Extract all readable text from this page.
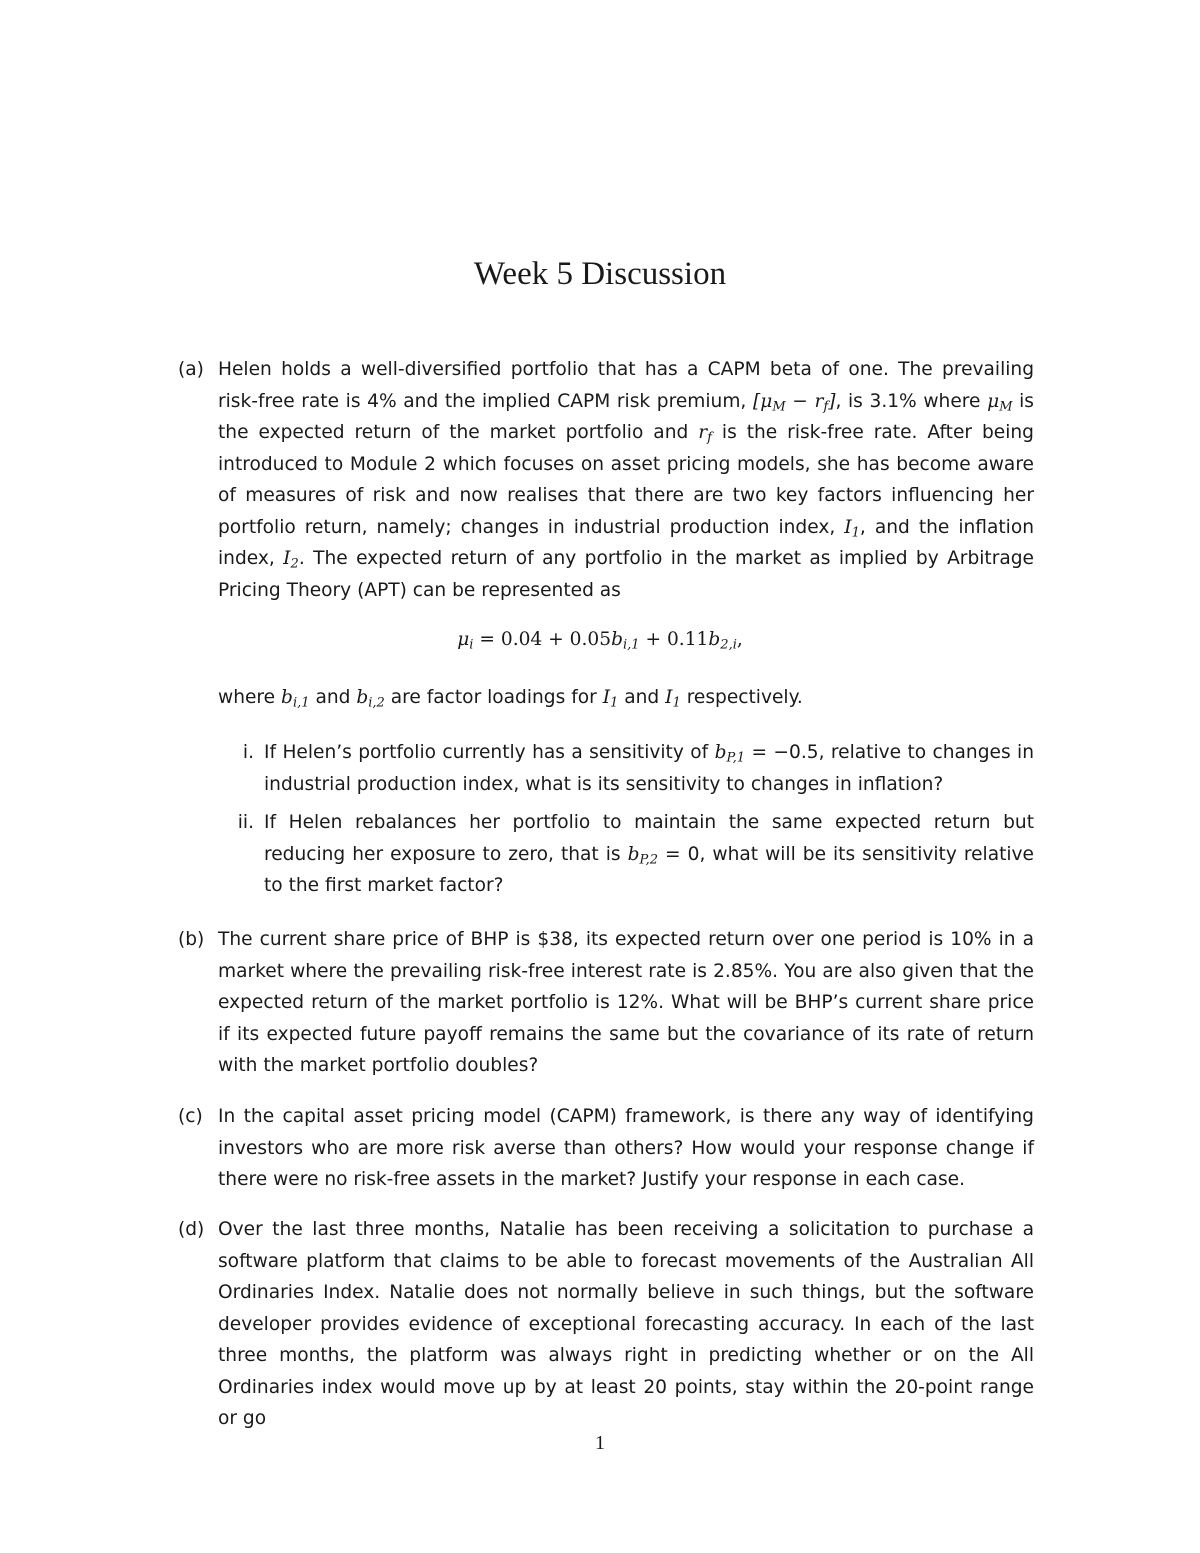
Week 5 Discussion
(a) Helen holds a well-diversified portfolio that has a CAPM beta of one. The prevailing risk-free rate is 4% and the implied CAPM risk premium, $[\mu_M - r_f]$, is 3.1% where $\mu_M$ is the expected return of the market portfolio and $r_f$ is the risk-free rate. After being introduced to Module 2 which focuses on asset pricing models, she has become aware of measures of risk and now realises that there are two key factors influencing her portfolio return, namely; changes in industrial production index, $I_1$, and the inflation index, $I_2$. The expected return of any portfolio in the market as implied by Arbitrage Pricing Theory (APT) can be represented as
$\mu_i = 0.04 + 0.05b_{i,1} + 0.11b_{2,i}$,
where $b_{i,1}$ and $b_{i,2}$ are factor loadings for $I_1$ and $I_1$ respectively.
i. If Helen’s portfolio currently has a sensitivity of $b_{P,1} = -0.5$, relative to changes in industrial production index, what is its sensitivity to changes in inflation?
ii. If Helen rebalances her portfolio to maintain the same expected return but reducing her exposure to zero, that is $b_{P,2} = 0$, what will be its sensitivity relative to the first market factor?
(b) The current share price of BHP is $38, its expected return over one period is 10% in a market where the prevailing risk-free interest rate is 2.85%. You are also given that the expected return of the market portfolio is 12%. What will be BHP’s current share price if its expected future payoff remains the same but the covariance of its rate of return with the market portfolio doubles?
(c) In the capital asset pricing model (CAPM) framework, is there any way of identifying investors who are more risk averse than others? How would your response change if there were no risk-free assets in the market? Justify your response in each case.
(d) Over the last three months, Natalie has been receiving a solicitation to purchase a software platform that claims to be able to forecast movements of the Australian All Ordinaries Index. Natalie does not normally believe in such things, but the software developer provides evidence of exceptional forecasting accuracy. In each of the last three months, the platform was always right in predicting whether or on the All Ordinaries index would move up by at least 20 points, stay within the 20-point range or go
1
